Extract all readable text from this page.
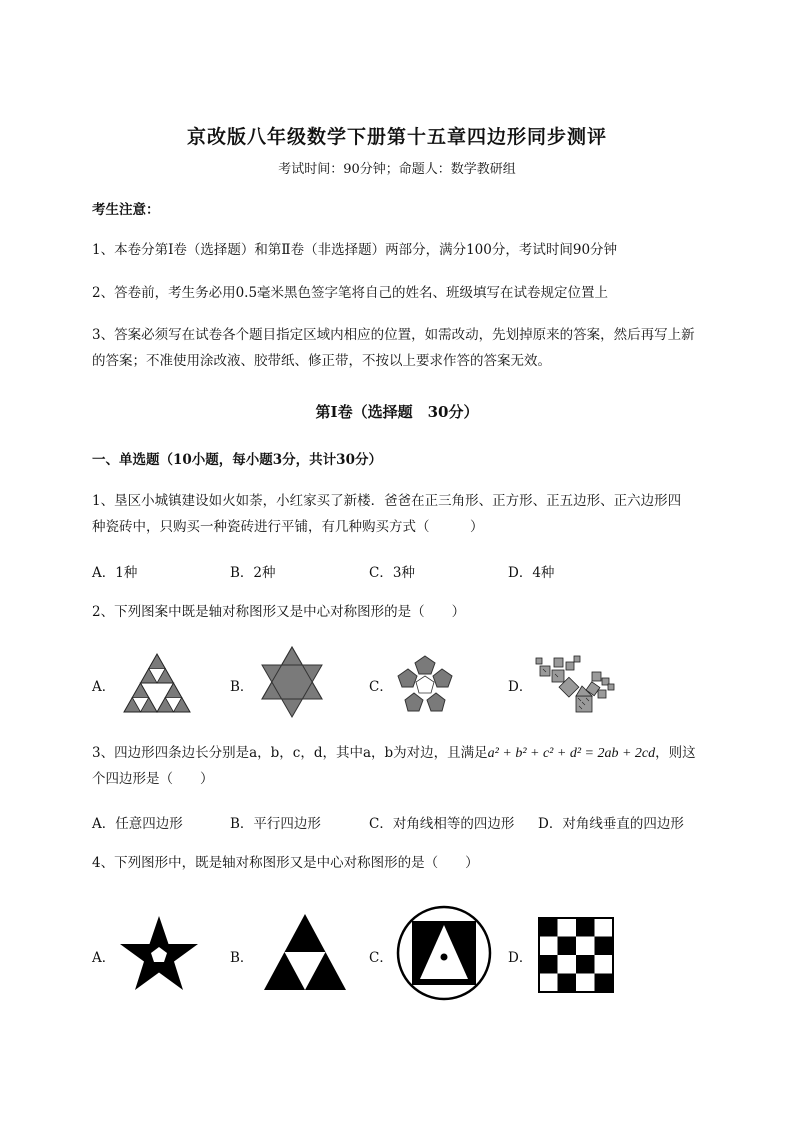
京改版八年级数学下册第十五章四边形同步测评
考试时间：90分钟；命题人：数学教研组
考生注意：
1、本卷分第I卷（选择题）和第Ⅱ卷（非选择题）两部分，满分100分，考试时间90分钟
2、答卷前，考生务必用0.5毫米黑色签字笔将自己的姓名、班级填写在试卷规定位置上
3、答案必须写在试卷各个题目指定区域内相应的位置，如需改动，先划掉原来的答案，然后再写上新
的答案；不准使用涂改液、胶带纸、修正带，不按以上要求作答的答案无效。
第I卷（选择题　30分）
一、单选题（10小题，每小题3分，共计30分）
1、垦区小城镇建设如火如荼，小红家买了新楼．爸爸在正三角形、正方形、正五边形、正六边形四
种瓷砖中，只购买一种瓷砖进行平铺，有几种购买方式（　　　）
A．1种	B．2种	C．3种	D．4种
2、下列图案中既是轴对称图形又是中心对称图形的是（　　）
A．	B．	C．	D．
3、四边形四条边长分别是a，b，c，d，其中a，b为对边，且满足a² + b² + c² + d² = 2ab + 2cd，则这
个四边形是（　　）
A．任意四边形	B．平行四边形	C．对角线相等的四边形 D．对角线垂直的四边形
4、下列图形中，既是轴对称图形又是中心对称图形的是（　　）
A．	B．	C．	D．
